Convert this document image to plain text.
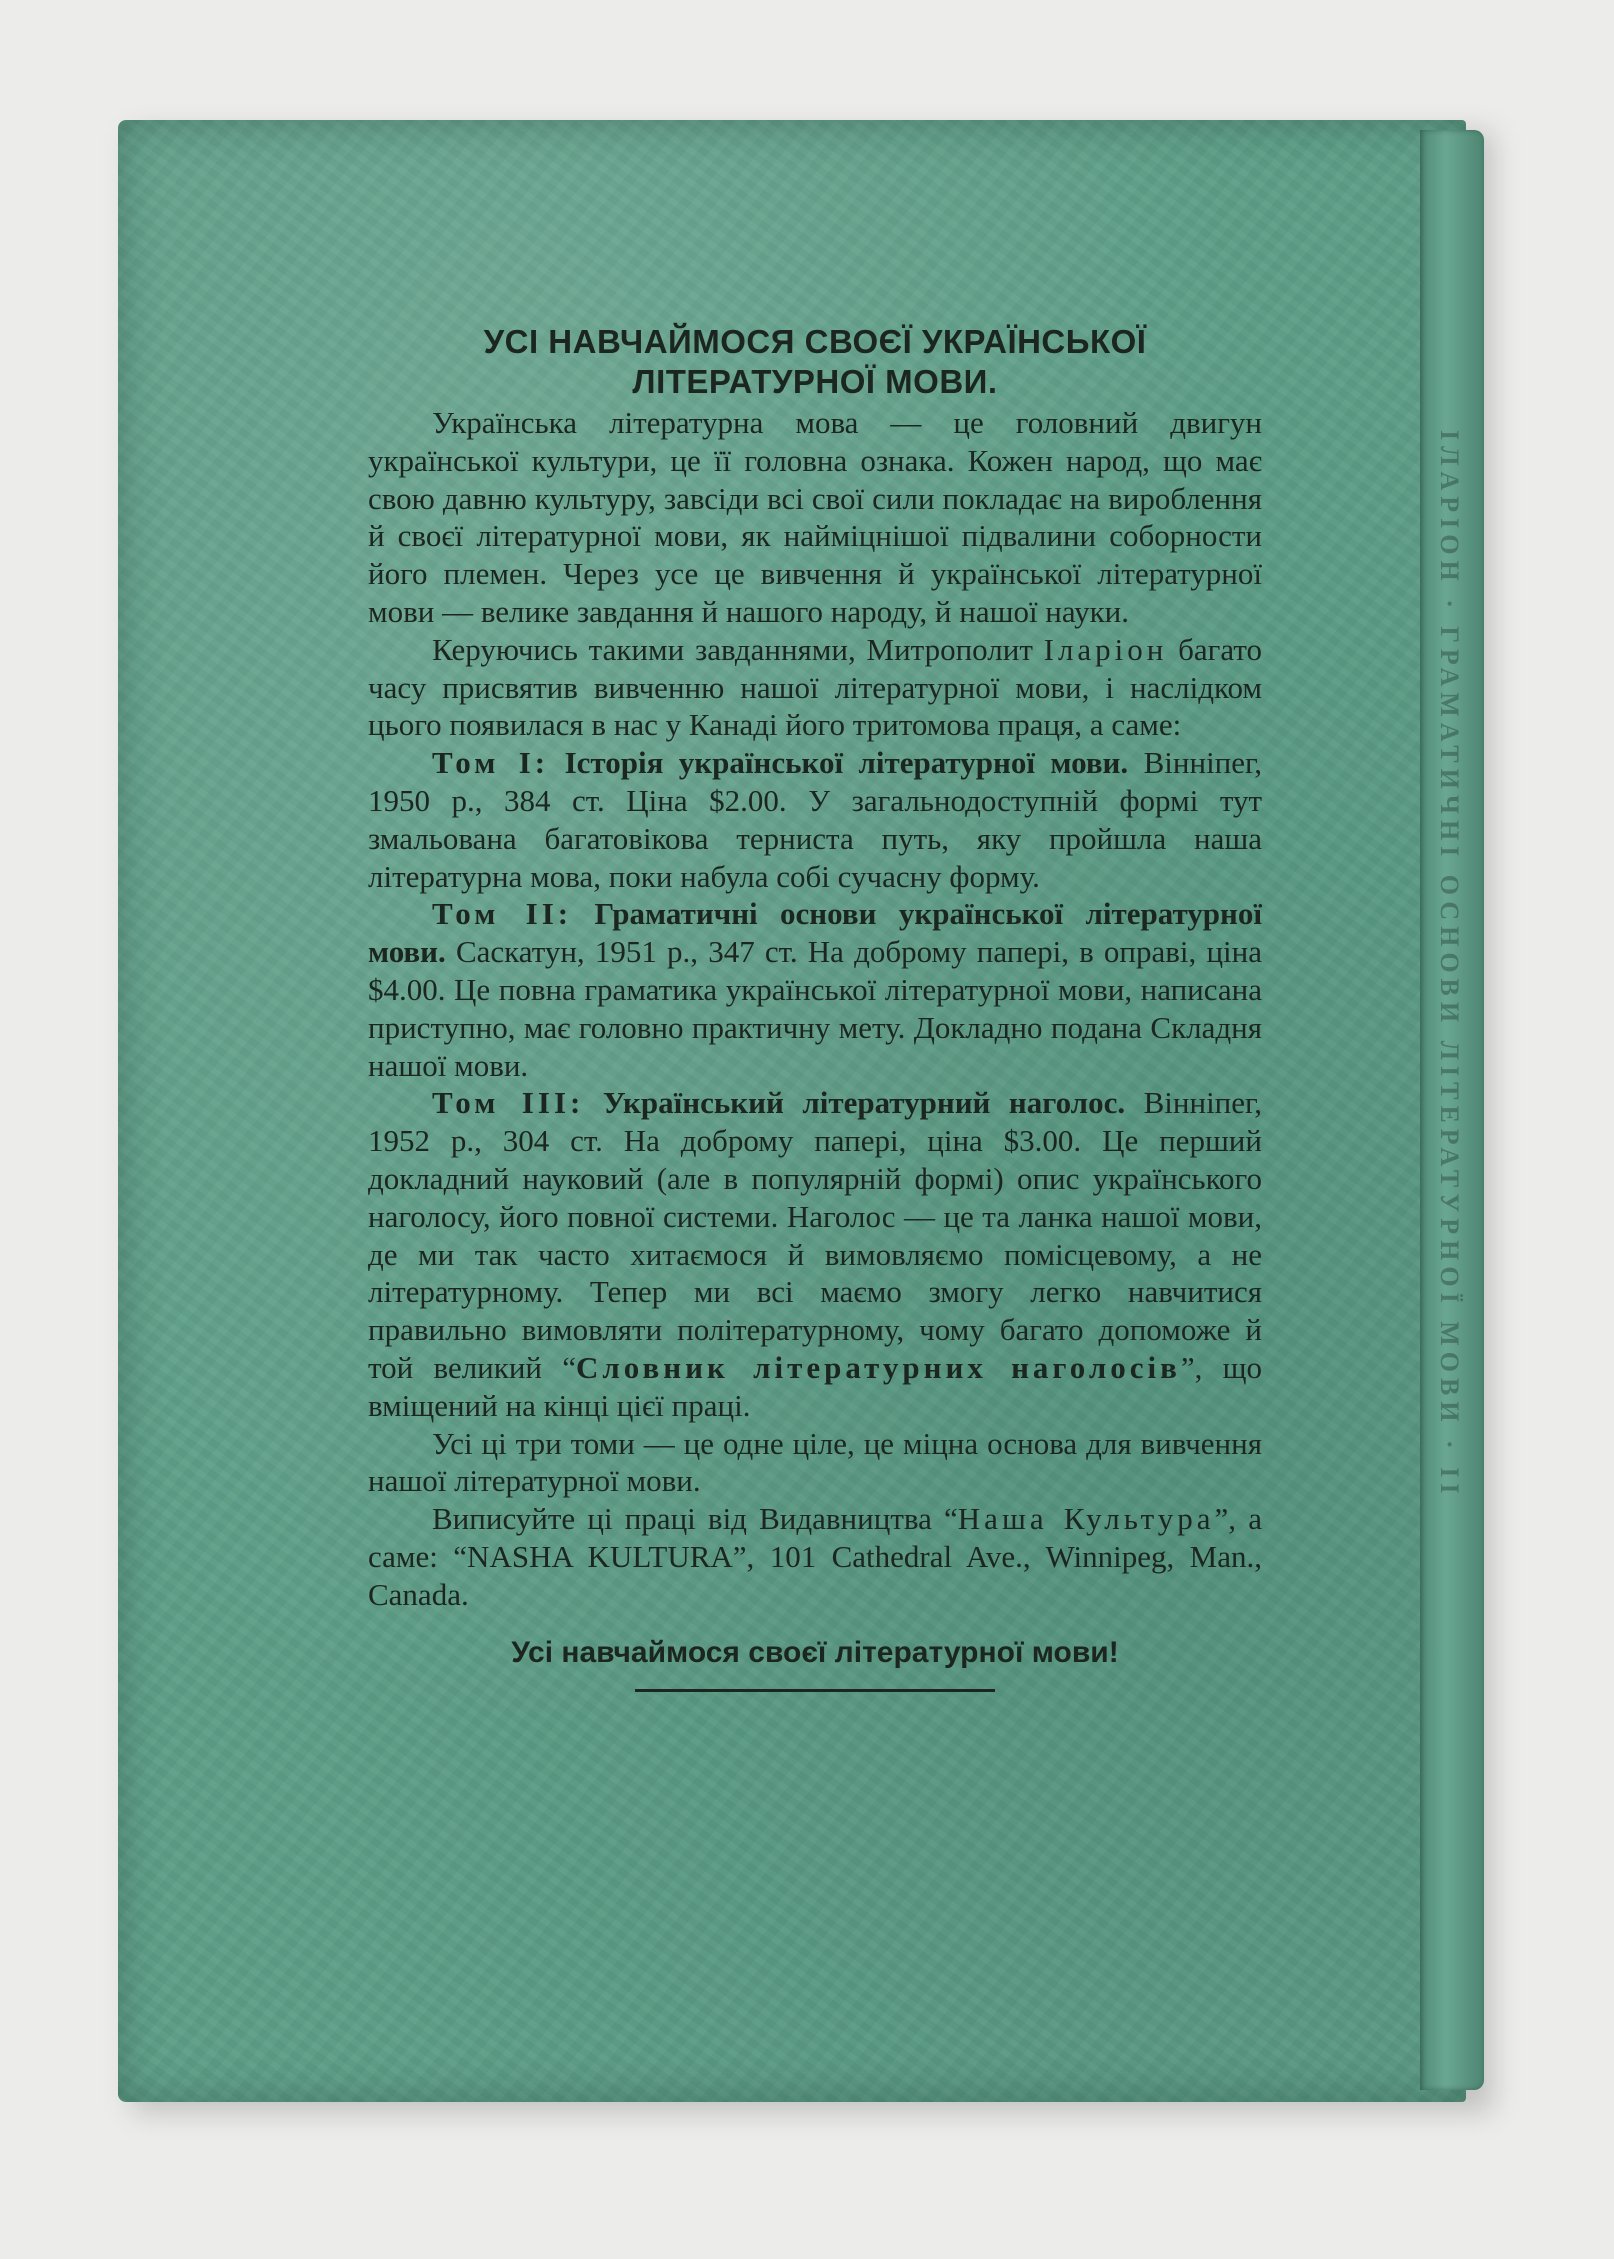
ІЛАРІОН · ГРАМАТИЧНІ ОСНОВИ ЛІТЕРАТУРНОЇ МОВИ · ІІ
УСІ НАВЧАЙМОСЯ СВОЄЇ УКРАЇНСЬКОЇ
ЛІТЕРАТУРНОЇ МОВИ.

Українська літературна мова — це головний двигун української культури, це її головна ознака. Кожен народ, що має свою давню культуру, завсіди всі свої сили покладає на вироблення й своєї літературної мови, як найміцнішої підвалини соборности його племен. Через усе це вивчення й української літературної мови — велике завдання й нашого народу, й нашої науки.

Керуючись такими завданнями, Митрополит Іларіон багато часу присвятив вивченню нашої літературної мови, і наслідком цього появилася в нас у Канаді його тритомова праця, а саме:

Том І: Історія української літературної мови. Вінніпег, 1950 р., 384 ст. Ціна $2.00. У загальнодоступній формі тут змальована багатовікова терниста путь, яку пройшла наша літературна мова, поки набула собі сучасну форму.

Том ІІ: Граматичні основи української літературної мови. Саскатун, 1951 р., 347 ст. На доброму папері, в оправі, ціна $4.00. Це повна граматика української літературної мови, написана приступно, має головно практичну мету. Докладно подана Складня нашої мови.

Том ІІІ: Український літературний наголос. Вінніпег, 1952 р., 304 ст. На доброму папері, ціна $3.00. Це перший докладний науковий (але в популярній формі) опис українського наголосу, його повної системи. Наголос — це та ланка нашої мови, де ми так часто хитаємося й вимовляємо помісцевому, а не літературному. Тепер ми всі маємо змогу легко навчитися правильно вимовляти політературному, чому багато допоможе й той великий “Словник літературних наголосів”, що вміщений на кінці цієї праці.

Усі ці три томи — це одне ціле, це міцна основа для вивчення нашої літературної мови.

Виписуйте ці праці від Видавництва “Наша Культура”, а саме: “NASHA KULTURA”, 101 Cathedral Ave., Winnipeg, Man., Canada.

Усі навчаймося своєї літературної мови!
